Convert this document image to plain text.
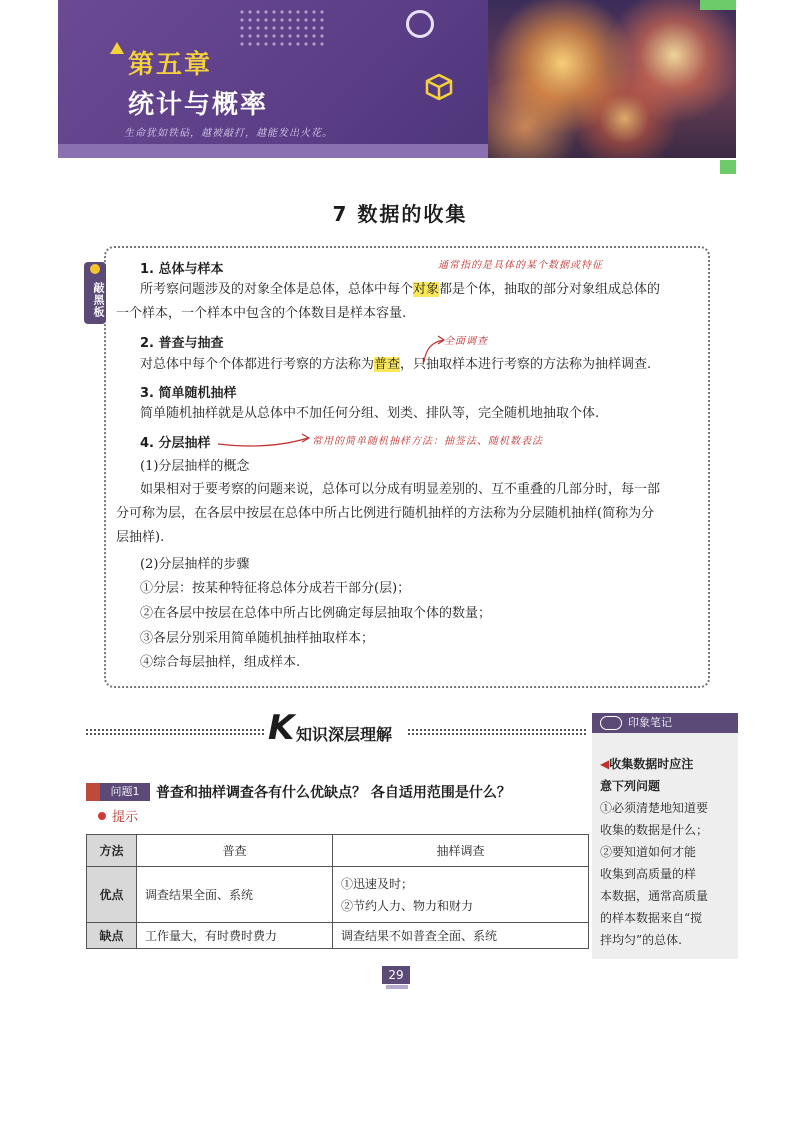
第五章
统计与概率
生命犹如铁砧，越被敲打，越能发出火花。
7 数据的收集
敲黑板
1. 总体与样本	通常指的是具体的某个数据或特征
所考察问题涉及的对象全体是总体，总体中每个对象都是个体，抽取的部分对象组成总体的
一个样本，一个样本中包含的个体数目是样本容量.
2. 普查与抽查	全面调查
对总体中每个个体都进行考察的方法称为普查，只抽取样本进行考察的方法称为抽样调查.
3. 简单随机抽样
简单随机抽样就是从总体中不加任何分组、划类、排队等，完全随机地抽取个体.
4. 分层抽样	常用的简单随机抽样方法：抽签法、随机数表法
(1)分层抽样的概念
如果相对于要考察的问题来说，总体可以分成有明显差别的、互不重叠的几部分时，每一部
分可称为层，在各层中按层在总体中所占比例进行随机抽样的方法称为分层随机抽样(简称为分
层抽样).
(2)分层抽样的步骤
①分层：按某种特征将总体分成若干部分(层)；
②在各层中按层在总体中所占比例确定每层抽取个体的数量；
③各层分别采用简单随机抽样抽取样本；
④综合每层抽样，组成样本.
K 知识深层理解
印象笔记
◀收集数据时应注
意下列问题
①必须清楚地知道要
收集的数据是什么；
②要知道如何才能
收集到高质量的样
本数据，通常高质量
的样本数据来自“搅
拌均匀”的总体.
问题1	普查和抽样调查各有什么优缺点？ 各自适用范围是什么？
提示
方法	普查	抽样调查
优点	调查结果全面、系统	①迅速及时；
②节约人力、物力和财力

缺点	工作量大，有时费时费力	调查结果不如普查全面、系统
29
